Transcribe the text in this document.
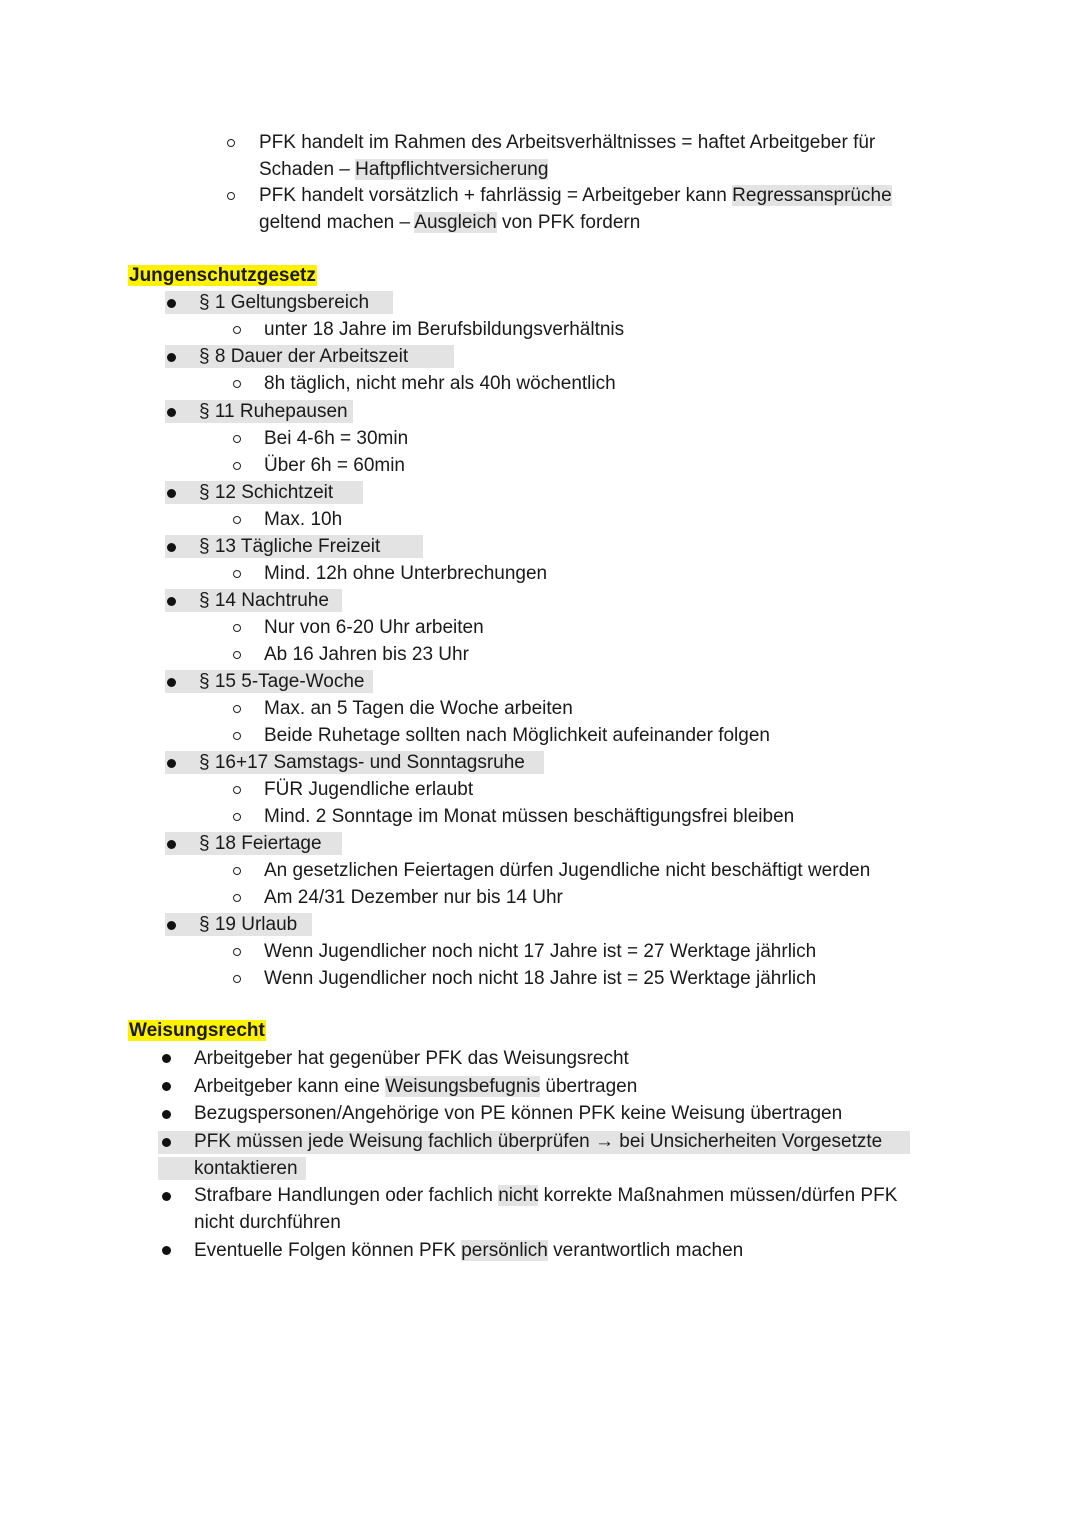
PFK handelt im Rahmen des Arbeitsverhältnisses = haftet Arbeitgeber für
Schaden – Haftpflichtversicherung
PFK handelt vorsätzlich + fahrlässig = Arbeitgeber kann Regressansprüche
geltend machen – Ausgleich von PFK fordern
Jungenschutzgesetz
§ 1 Geltungsbereich
unter 18 Jahre im Berufsbildungsverhältnis
§ 8 Dauer der Arbeitszeit
8h täglich, nicht mehr als 40h wöchentlich
§ 11 Ruhepausen
Bei 4-6h = 30min
Über 6h = 60min
§ 12 Schichtzeit
Max. 10h
§ 13 Tägliche Freizeit
Mind. 12h ohne Unterbrechungen
§ 14 Nachtruhe
Nur von 6-20 Uhr arbeiten
Ab 16 Jahren bis 23 Uhr
§ 15 5-Tage-Woche
Max. an 5 Tagen die Woche arbeiten
Beide Ruhetage sollten nach Möglichkeit aufeinander folgen
§ 16+17 Samstags- und Sonntagsruhe
FÜR Jugendliche erlaubt
Mind. 2 Sonntage im Monat müssen beschäftigungsfrei bleiben
§ 18 Feiertage
An gesetzlichen Feiertagen dürfen Jugendliche nicht beschäftigt werden
Am 24/31 Dezember nur bis 14 Uhr
§ 19 Urlaub
Wenn Jugendlicher noch nicht 17 Jahre ist = 27 Werktage jährlich
Wenn Jugendlicher noch nicht 18 Jahre ist = 25 Werktage jährlich
Weisungsrecht
Arbeitgeber hat gegenüber PFK das Weisungsrecht
Arbeitgeber kann eine Weisungsbefugnis übertragen
Bezugspersonen/Angehörige von PE können PFK keine Weisung übertragen
PFK müssen jede Weisung fachlich überprüfen → bei Unsicherheiten Vorgesetzte
kontaktieren
Strafbare Handlungen oder fachlich nicht korrekte Maßnahmen müssen/dürfen PFK
nicht durchführen
Eventuelle Folgen können PFK persönlich verantwortlich machen
